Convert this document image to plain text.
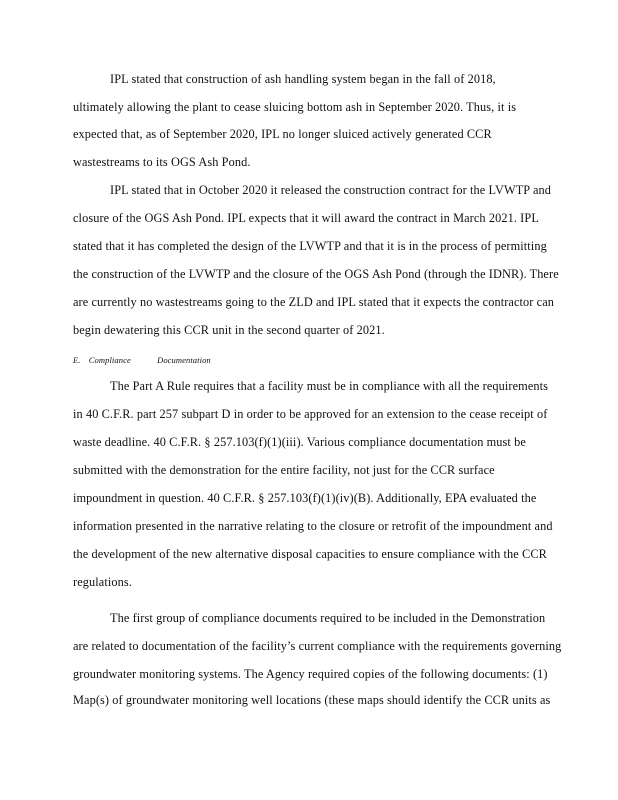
IPL stated that construction of ash handling system began in the fall of 2018,
ultimately allowing the plant to cease sluicing bottom ash in September 2020. Thus, it is
expected that, as of September 2020, IPL no longer sluiced actively generated CCR
wastestreams to its OGS Ash Pond.
IPL stated that in October 2020 it released the construction contract for the LVWTP and
closure of the OGS Ash Pond. IPL expects that it will award the contract in March 2021. IPL
stated that it has completed the design of the LVWTP and that it is in the process of permitting
the construction of the LVWTP and the closure of the OGS Ash Pond (through the IDNR). There
are currently no wastestreams going to the ZLD and IPL stated that it expects the contractor can
begin dewatering this CCR unit in the second quarter of 2021.
E. Compliance	Documentation
The Part A Rule requires that a facility must be in compliance with all the requirements
in 40 C.F.R. part 257 subpart D in order to be approved for an extension to the cease receipt of
waste deadline. 40 C.F.R. § 257.103(f)(1)(iii). Various compliance documentation must be
submitted with the demonstration for the entire facility, not just for the CCR surface
impoundment in question. 40 C.F.R. § 257.103(f)(1)(iv)(B). Additionally, EPA evaluated the
information presented in the narrative relating to the closure or retrofit of the impoundment and
the development of the new alternative disposal capacities to ensure compliance with the CCR
regulations.
The first group of compliance documents required to be included in the Demonstration
are related to documentation of the facility’s current compliance with the requirements governing
groundwater monitoring systems. The Agency required copies of the following documents: (1)
Map(s) of groundwater monitoring well locations (these maps should identify the CCR units as
